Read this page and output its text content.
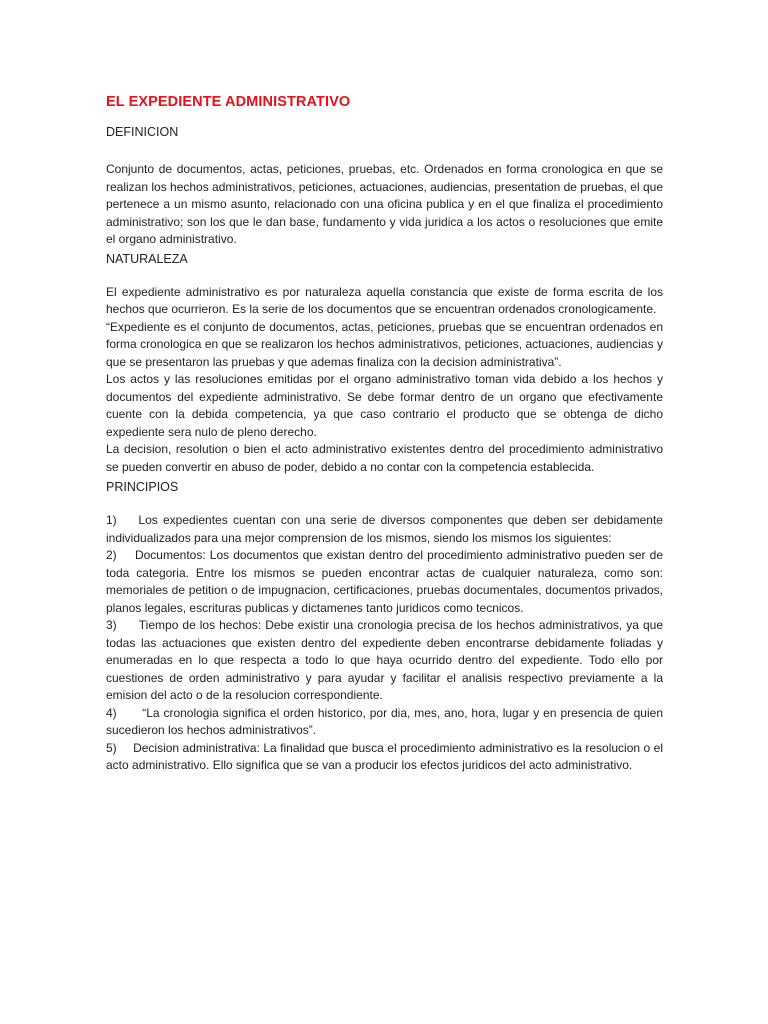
EL EXPEDIENTE ADMINISTRATIVO
DEFINICION

Conjunto de documentos, actas, peticiones, pruebas, etc. Ordenados en forma cronologica en que se realizan los hechos administrativos, peticiones, actuaciones, audiencias, presentation de pruebas, el que pertenece a un mismo asunto, relacionado con una oficina publica y en el que finaliza el procedimiento administrativo; son los que le dan base, fundamento y vida juridica a los actos o resoluciones que emite el organo administrativo.

NATURALEZA

El expediente administrativo es por naturaleza aquella constancia que existe de forma escrita de los hechos que ocurrieron. Es la serie de los documentos que se encuentran ordenados cronologicamente.

“Expediente es el conjunto de documentos, actas, peticiones, pruebas que se encuentran ordenados en forma cronologica en que se realizaron los hechos administrativos, peticiones, actuaciones, audiencias y que se presentaron las pruebas y que ademas finaliza con la decision administrativa”.

Los actos y las resoluciones emitidas por el organo administrativo toman vida debido a los hechos y documentos del expediente administrativo. Se debe formar dentro de un organo que efectivamente cuente con la debida competencia, ya que caso contrario el producto que se obtenga de dicho expediente sera nulo de pleno derecho.

La decision, resolution o bien el acto administrativo existentes dentro del procedimiento administrativo se pueden convertir en abuso de poder, debido a no contar con la competencia establecida.

PRINCIPIOS

1) Los expedientes cuentan con una serie de diversos componentes que deben ser debidamente individualizados para una mejor comprension de los mismos, siendo los mismos los siguientes:

2) Documentos: Los documentos que existan dentro del procedimiento administrativo pueden ser de toda categoria. Entre los mismos se pueden encontrar actas de cualquier naturaleza, como son: memoriales de petition o de impugnacion, certificaciones, pruebas documentales, documentos privados, planos legales, escrituras publicas y dictamenes tanto juridicos como tecnicos.

3) Tiempo de los hechos: Debe existir una cronologia precisa de los hechos administrativos, ya que todas las actuaciones que existen dentro del expediente deben encontrarse debidamente foliadas y enumeradas en lo que respecta a todo lo que haya ocurrido dentro del expediente. Todo ello por cuestiones de orden administrativo y para ayudar y facilitar el analisis respectivo previamente a la emision del acto o de la resolucion correspondiente.

4) “La cronologia significa el orden historico, por dia, mes, ano, hora, lugar y en presencia de quien sucedieron los hechos administrativos”.

5) Decision administrativa: La finalidad que busca el procedimiento administrativo es la resolucion o el acto administrativo. Ello significa que se van a producir los efectos juridicos del acto administrativo.
